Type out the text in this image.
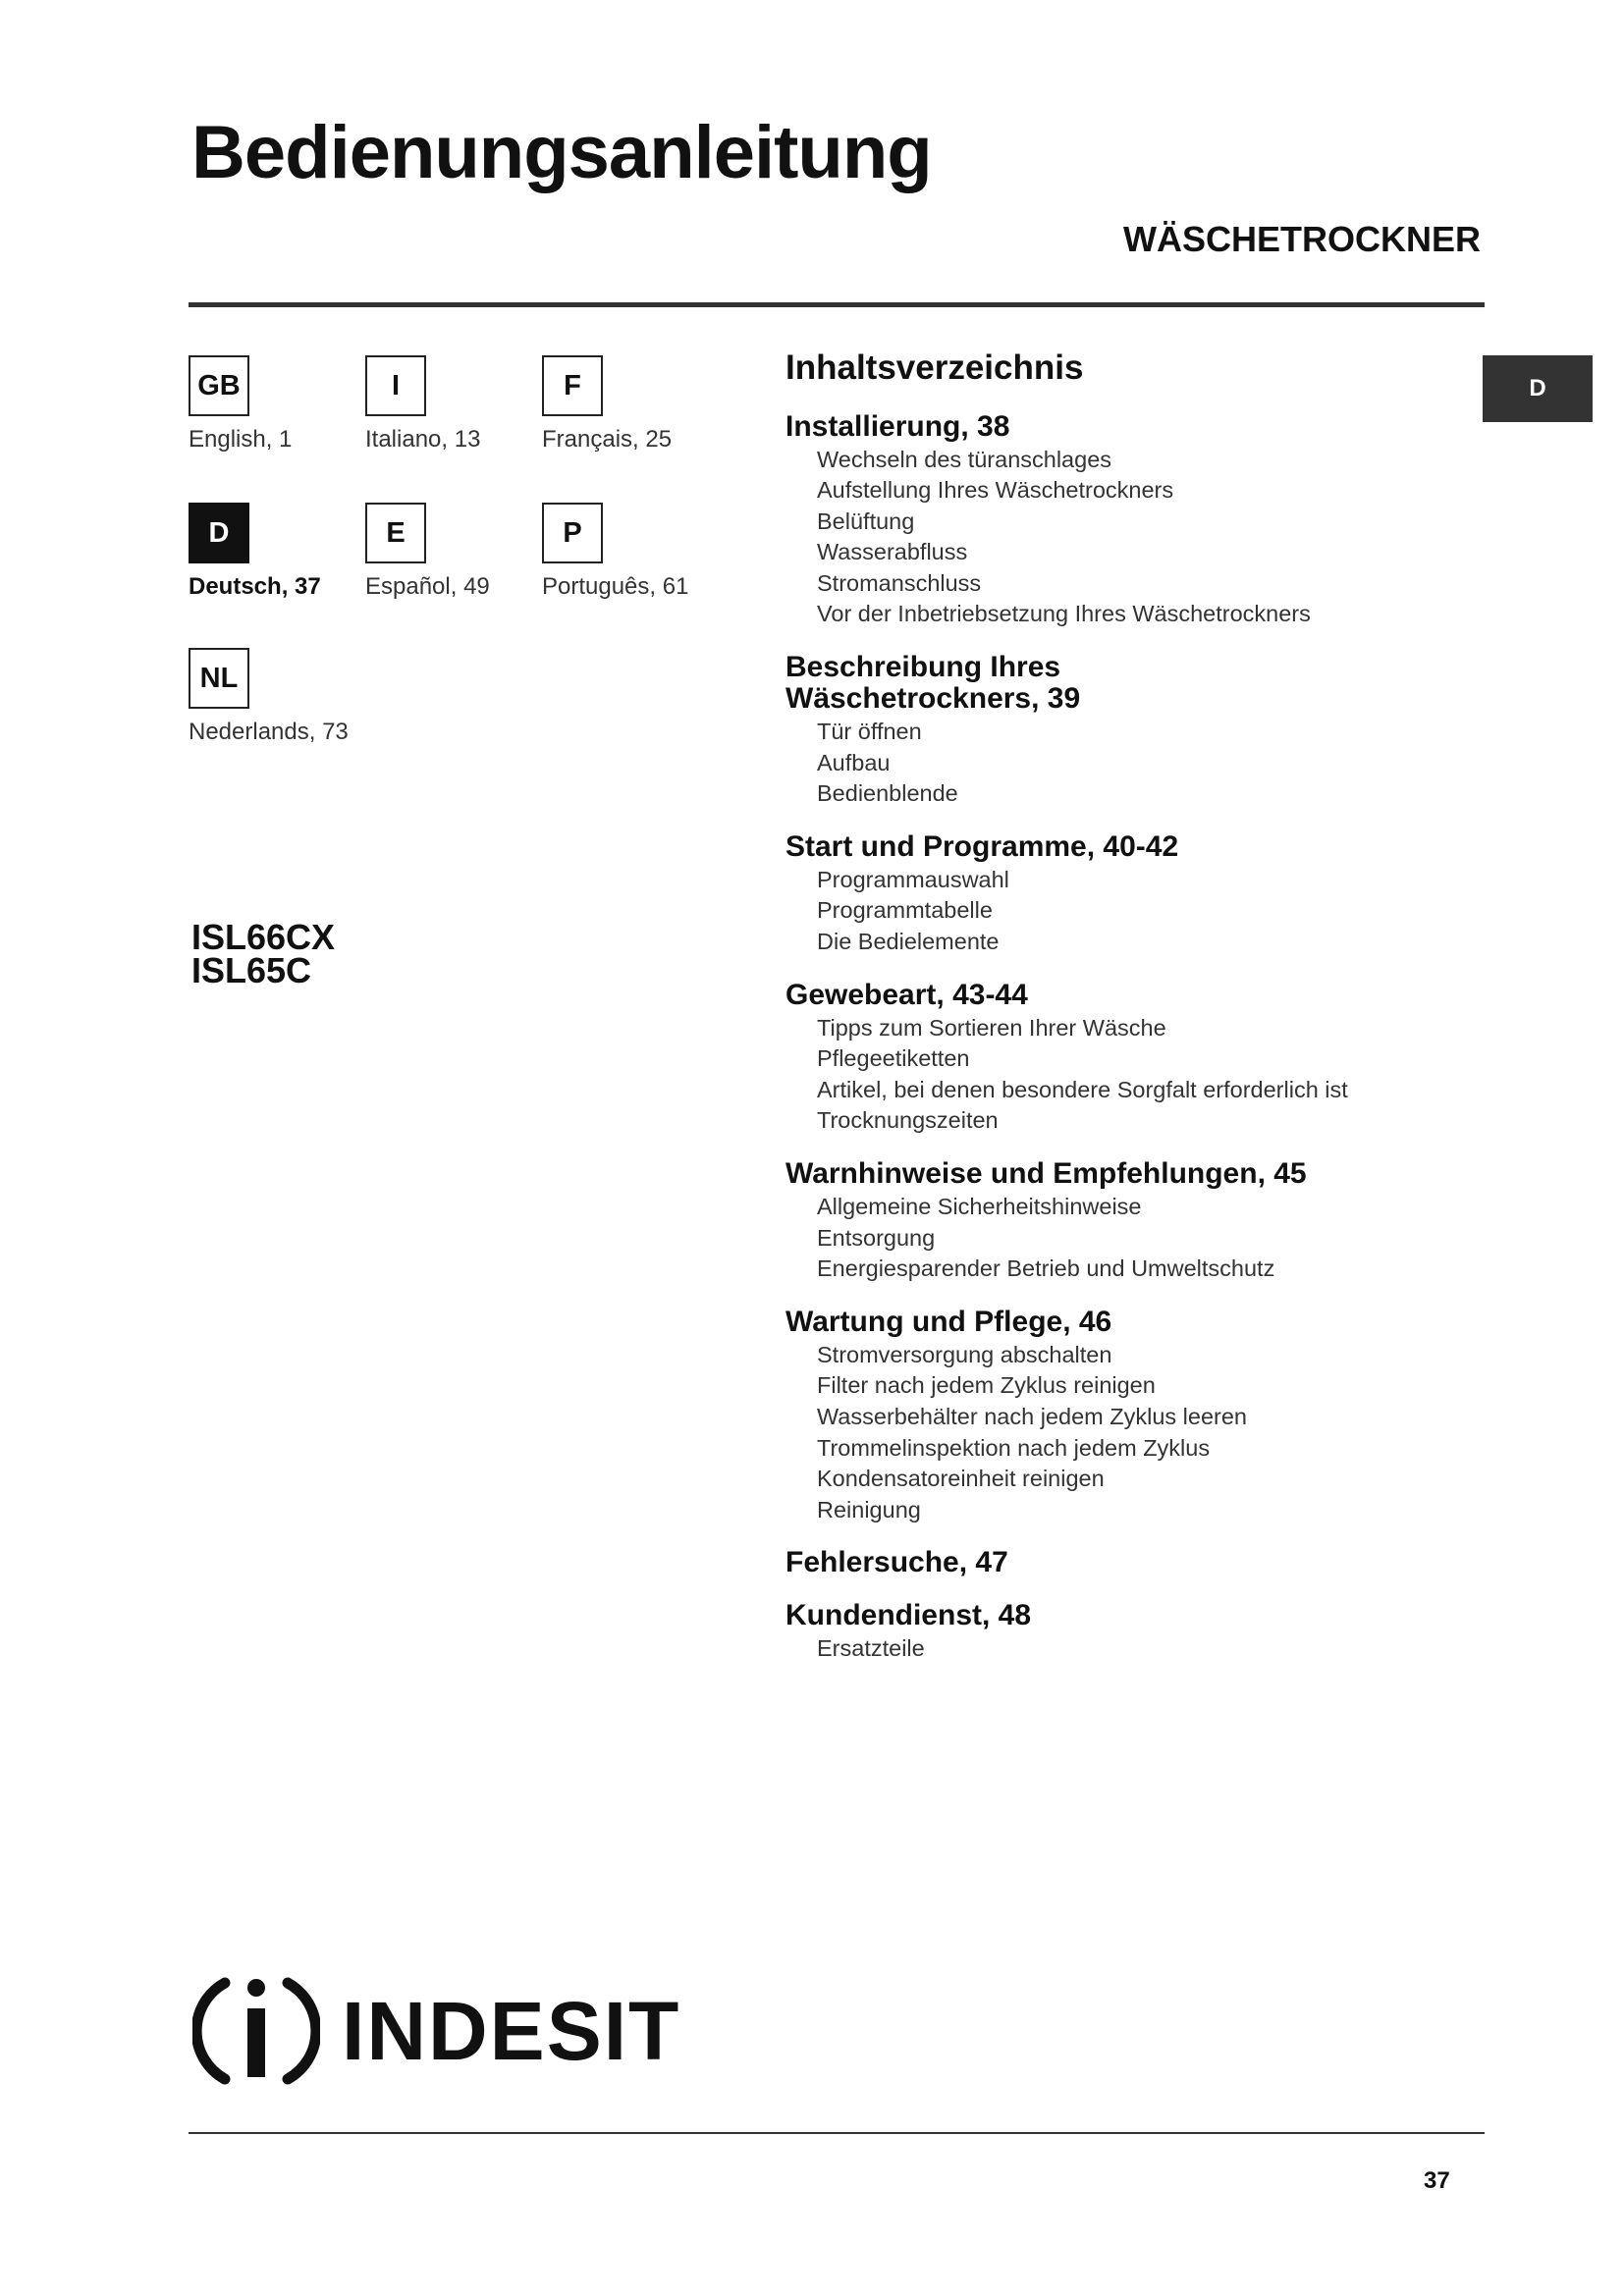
Bedienungsanleitung
WÄSCHETROCKNER
GB
English, 1
I
Italiano, 13
F
Français, 25
D
Deutsch, 37
E
Español, 49
P
Português, 61
NL
Nederlands, 73
ISL66CX
ISL65C
Inhaltsverzeichnis
Installierung, 38
Wechseln des türanschlages
Aufstellung Ihres Wäschetrockners
Belüftung
Wasserabfluss
Stromanschluss
Vor der Inbetriebsetzung Ihres Wäschetrockners
Beschreibung Ihres Wäschetrockners, 39
Tür öffnen
Aufbau
Bedienblende
Start und Programme, 40-42
Programmauswahl
Programmtabelle
Die Bedielemente
Gewebeart, 43-44
Tipps zum Sortieren Ihrer Wäsche
Pflegeetiketten
Artikel, bei denen besondere Sorgfalt erforderlich ist
Trocknungszeiten
Warnhinweise und Empfehlungen, 45
Allgemeine Sicherheitshinweise
Entsorgung
Energiesparender Betrieb und Umweltschutz
Wartung und Pflege, 46
Stromversorgung abschalten
Filter nach jedem Zyklus reinigen
Wasserbehälter nach jedem Zyklus leeren
Trommelinspektion nach jedem Zyklus
Kondensatoreinheit reinigen
Reinigung
Fehlersuche, 47
Kundendienst, 48
Ersatzteile
D
INDESIT
37
